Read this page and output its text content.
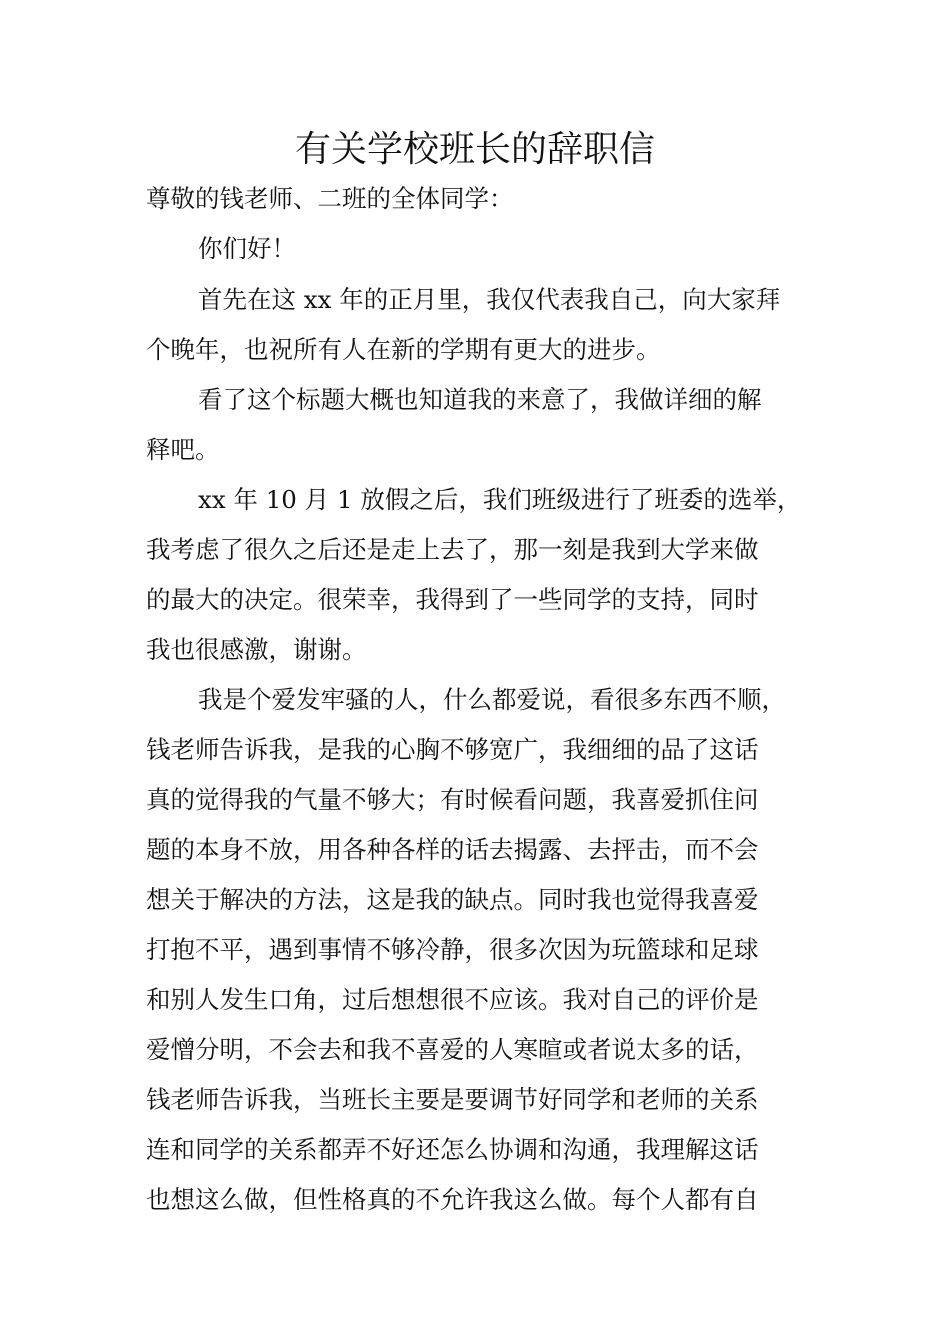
有关学校班长的辞职信

尊敬的钱老师、二班的全体同学：

你们好！

首先在这 xx 年的正月里，我仅代表我自己，向大家拜

个晚年，也祝所有人在新的学期有更大的进步。

看了这个标题大概也知道我的来意了，我做详细的解

释吧。

xx 年 10 月 1 放假之后，我们班级进行了班委的选举，

我考虑了很久之后还是走上去了，那一刻是我到大学来做

的最大的决定。很荣幸，我得到了一些同学的支持，同时

我也很感激，谢谢。

我是个爱发牢骚的人，什么都爱说，看很多东西不顺，

钱老师告诉我，是我的心胸不够宽广，我细细的品了这话

真的觉得我的气量不够大；有时候看问题，我喜爱抓住问

题的本身不放，用各种各样的话去揭露、去抨击，而不会

想关于解决的方法，这是我的缺点。同时我也觉得我喜爱

打抱不平，遇到事情不够冷静，很多次因为玩篮球和足球

和别人发生口角，过后想想很不应该。我对自己的评价是

爱憎分明，不会去和我不喜爱的人寒暄或者说太多的话，

钱老师告诉我，当班长主要是要调节好同学和老师的关系

连和同学的关系都弄不好还怎么协调和沟通，我理解这话

也想这么做，但性格真的不允许我这么做。每个人都有自
